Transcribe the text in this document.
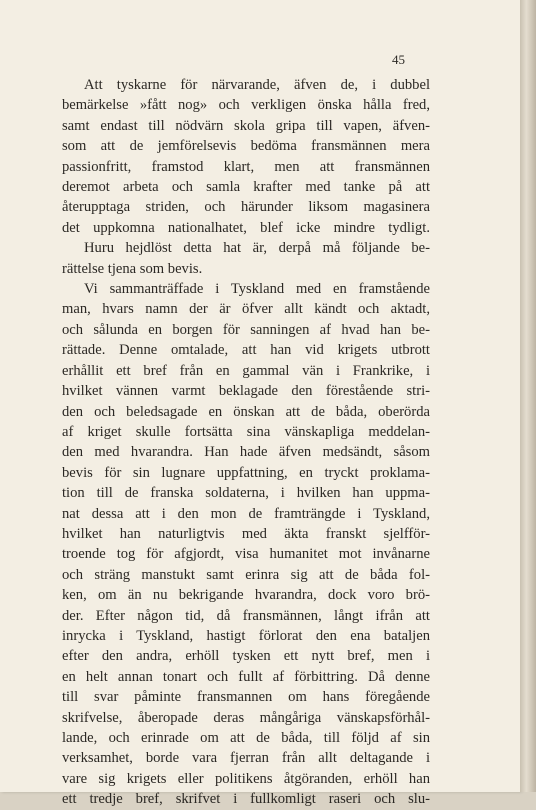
45
Att tyskarne för närvarande, äfven de, i dubbel
bemärkelse »fått nog» och verkligen önska hålla fred,
samt endast till nödvärn skola gripa till vapen, äfven-
som att de jemförelsevis bedöma fransmännen mera
passionfritt, framstod klart, men att fransmännen
deremot arbeta och samla krafter med tanke på att
återupptaga striden, och härunder liksom magasinera
det uppkomna nationalhatet, blef icke mindre tydligt.
Huru hejdlöst detta hat är, derpå må följande be-
rättelse tjena som bevis.
Vi sammanträffade i Tyskland med en framstående
man, hvars namn der är öfver allt kändt och aktadt,
och sålunda en borgen för sanningen af hvad han be-
rättade. Denne omtalade, att han vid krigets utbrott
erhållit ett bref från en gammal vän i Frankrike, i
hvilket vännen varmt beklagade den förestående stri-
den och beledsagade en önskan att de båda, oberörda
af kriget skulle fortsätta sina vänskapliga meddelan-
den med hvarandra. Han hade äfven medsändt, såsom
bevis för sin lugnare uppfattning, en tryckt proklama-
tion till de franska soldaterna, i hvilken han uppma-
nat dessa att i den mon de framträngde i Tyskland,
hvilket han naturligtvis med äkta franskt sjelfför-
troende tog för afgjordt, visa humanitet mot invånarne
och sträng manstukt samt erinra sig att de båda fol-
ken, om än nu bekrigande hvarandra, dock voro brö-
der. Efter någon tid, då fransmännen, långt ifrån att
inrycka i Tyskland, hastigt förlorat den ena bataljen
efter den andra, erhöll tysken ett nytt bref, men i
en helt annan tonart och fullt af förbittring. Då denne
till svar påminte fransmannen om hans föregående
skrifvelse, åberopade deras mångåriga vänskapsförhål-
lande, och erinrade om att de båda, till följd af sin
verksamhet, borde vara fjerran från allt deltagande i
vare sig krigets eller politikens åtgöranden, erhöll han
ett tredje bref, skrifvet i fullkomligt raseri och slu-
